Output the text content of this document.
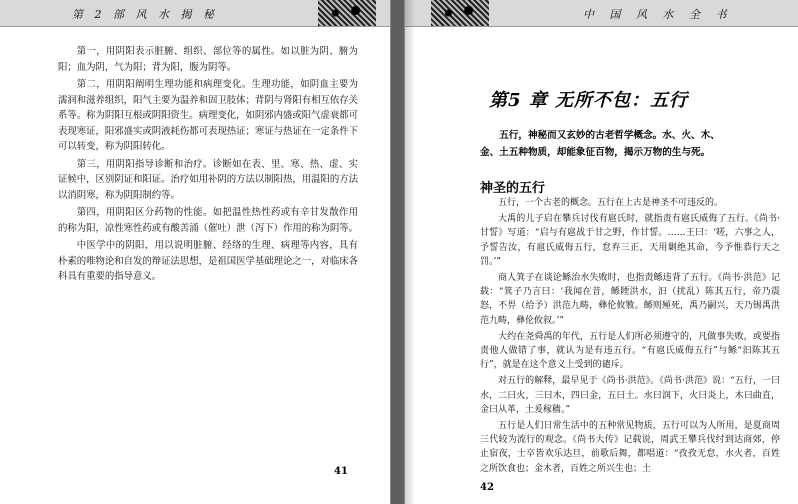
第 2 部 风 水 揭 秘

第一，用阴阳表示脏腑、组织、部位等的属性。如以脏为阴、腑为阳；血为阴，气为阳；背为阳，腹为阴等。

第二，用阴阳阐明生理功能和病理变化。生理功能，如阴血主要为濡润和滋养组织，阳气主要为温养和固卫肢体；背阴与肾阳有相互依存关系等。称为阴阳互根或阴阳资生。病理变化，如阴邪内盛或阳气虚衰都可表现寒证，阳邪盛实或阴液耗伤都可表现热证；寒证与热证在一定条件下可以转变，称为阴阳转化。

第三，用阴阳指导诊断和治疗。诊断如在表、里、寒、热、虚、实证候中，区别阴证和阳证。治疗如用补阴的方法以制阳热，用温阳的方法以消阴寒，称为阴阳制约等。

第四，用阴阳区分药物的性能。如把温性热性药或有辛甘发散作用的称为阳，凉性寒性药或有酸苦涌（催吐）泄（泻下）作用的称为阴等。

中医学中的阴阳，用以说明脏腑、经络的生理、病理等内容，具有朴素的唯物论和自发的辩证法思想，是祖国医学基础理论之一，对临床各科具有重要的指导意义。

41
中 国 风 水 全 书
第5 章 无所不包：五行
五行，神秘而又玄妙的古老哲学概念。水、火、木、金、土五种物质，却能象征百物，揭示万物的生与死。
神圣的五行

五行，一个古老的概念。五行在上古是神圣不可违反的。

大禹的儿子启在攀兵讨伐有扈氏时，就指责有扈氏威侮了五行。《尚书·甘誓》写道：“启与有扈战于甘之野，作甘誓。……王曰：‘嗟，六事之人，予誓告汝，有扈氏威侮五行，怠弃三正，天用剿绝其命，今予惟恭行天之罚。’”

商人箕子在谈论鲧治水失败时，也指责鲧违背了五行。《尚书·洪范》记载：“箕子乃言曰：‘我闻在昔，鲧陻洪水，汩（扰乱）陈其五行，帝乃震怒，不畀（给予）洪范九畴，彝伦攸斁。鲧则殛死，禹乃嗣兴，天乃锡禹洪范九畴，彝伦攸叙。’”

大约在尧舜禹的年代，五行是人们所必须遵守的，凡做事失败，或要指责他人做错了事，就认为是有违五行。“有扈氏威侮五行”与鲧“汩陈其五行”，就是在这个意义上受到的谴斥。

对五行的解释，最早见于《尚书·洪范》。《尚书·洪范》说：“五行，一曰水，二曰火，三曰木，四曰金，五曰土。水曰润下，火曰炎上，木曰曲直，金曰从革，土爰稼穑。”

五行是人们日常生活中的五种常见物质，五行可以为人所用，是夏商周三代较为流行的观念。《尚书大传》记载说，周武王攀兵伐纣到达商郊，停止宿夜，士卒皆欢乐达旦，前歌后舞，都唱道：“孜孜无怠，水火者，百姓之所饮食也；金木者，百姓之所兴生也；土

42
